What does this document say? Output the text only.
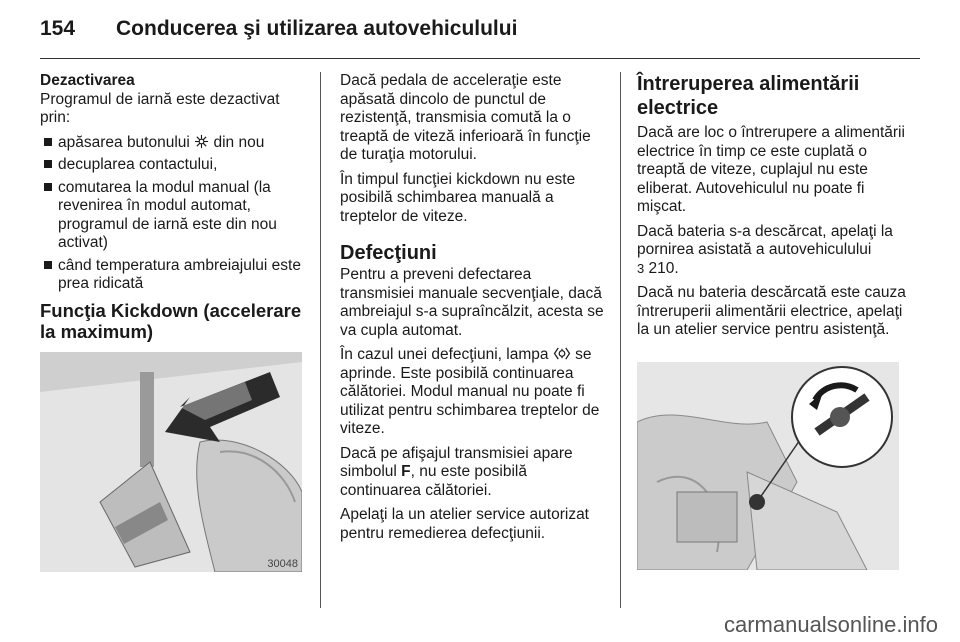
154 Conducerea şi utilizarea autovehiculului

Dezactivarea

Programul de iarnă este dezactivat prin:

apăsarea butonului  din nou
decuplarea contactului,
comutarea la modul manual (la revenirea în modul automat, programul de iarnă este din nou activat)
când temperatura ambreiajului este prea ridicată

Funcţia Kickdown (accelerare la maximum)

30048

Dacă pedala de acceleraţie este apăsată dincolo de punctul de rezistenţă, transmisia comută la o treaptă de viteză inferioară în funcţie de turaţia motorului.

În timpul funcţiei kickdown nu este posibilă schimbarea manuală a treptelor de viteze.

Defecţiuni

Pentru a preveni defectarea transmisiei manuale secvenţiale, dacă ambreiajul s-a supraîncălzit, acesta se va cupla automat.

În cazul unei defecţiuni, lampa  se aprinde. Este posibilă continuarea călătoriei. Modul manual nu poate fi utilizat pentru schimbarea treptelor de viteze.

Dacă pe afişajul transmisiei apare simbolul F, nu este posibilă continuarea călătoriei.

Apelaţi la un atelier service autorizat pentru remedierea defecţiunii.

Întreruperea alimentării electrice

Dacă are loc o întrerupere a alimentării electrice în timp ce este cuplată o treaptă de viteze, cuplajul nu este eliberat. Autovehiculul nu poate fi mişcat.

Dacă bateria s-a descărcat, apelaţi la pornirea asistată a autovehiculului
3 210.

Dacă nu bateria descărcată este cauza întreruperii alimentării electrice, apelaţi la un atelier service pentru asistenţă.

carmanualsonline.info
